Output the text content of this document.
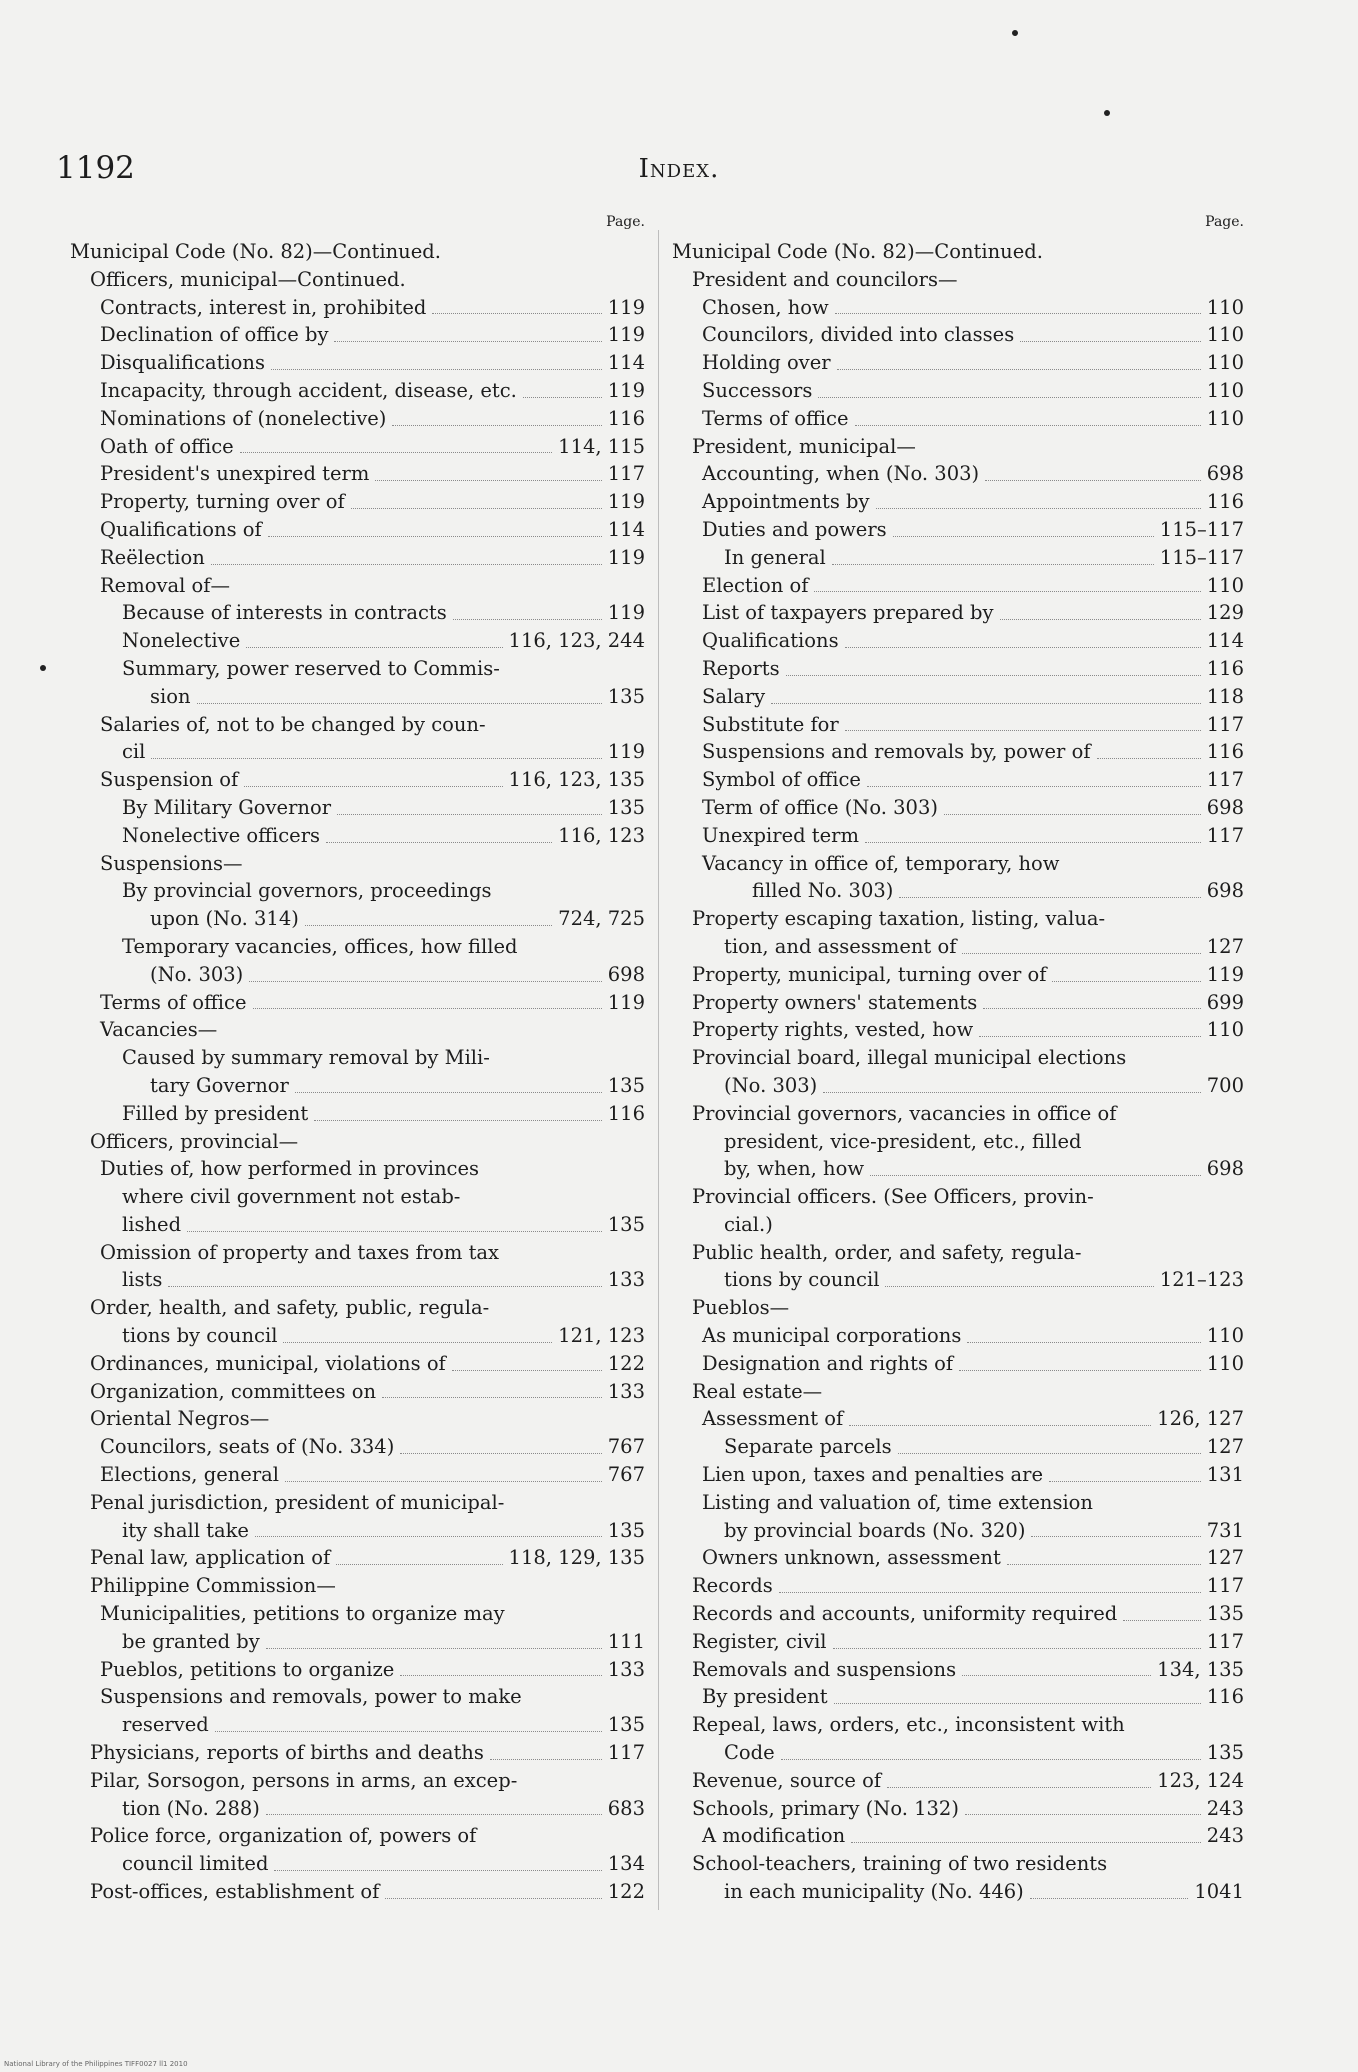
1192	Index.
Page.
Municipal Code (No. 82)—Continued.
Officers, municipal—Continued.
Contracts, interest in, prohibited	119
Declination of office by	119
Disqualifications	114
Incapacity, through accident, disease, etc.	119
Nominations of (nonelective)	116
Oath of office	114, 115
President's unexpired term	117
Property, turning over of	119
Qualifications of	114
Reëlection	119
Removal of—
Because of interests in contracts	119
Nonelective	116, 123, 244
Summary, power reserved to Commis-
sion	135
Salaries of, not to be changed by coun-
cil	119
Suspension of	116, 123, 135
By Military Governor	135
Nonelective officers	116, 123
Suspensions—
By provincial governors, proceedings
upon (No. 314)	724, 725
Temporary vacancies, offices, how filled
(No. 303)	698
Terms of office	119
Vacancies—
Caused by summary removal by Mili-
tary Governor	135
Filled by president	116
Officers, provincial—
Duties of, how performed in provinces
where civil government not estab-
lished	135
Omission of property and taxes from tax
lists	133
Order, health, and safety, public, regula-
tions by council	121, 123
Ordinances, municipal, violations of	122
Organization, committees on	133
Oriental Negros—
Councilors, seats of (No. 334)	767
Elections, general	767
Penal jurisdiction, president of municipal-
ity shall take	135
Penal law, application of	118, 129, 135
Philippine Commission—
Municipalities, petitions to organize may
be granted by	111
Pueblos, petitions to organize	133
Suspensions and removals, power to make
reserved	135
Physicians, reports of births and deaths	117
Pilar, Sorsogon, persons in arms, an excep-
tion (No. 288)	683
Police force, organization of, powers of
council limited	134
Post-offices, establishment of	122
Page.
Municipal Code (No. 82)—Continued.
President and councilors—
Chosen, how	110
Councilors, divided into classes	110
Holding over	110
Successors	110
Terms of office	110
President, municipal—
Accounting, when (No. 303)	698
Appointments by	116
Duties and powers	115–117
In general	115–117
Election of	110
List of taxpayers prepared by	129
Qualifications	114
Reports	116
Salary	118
Substitute for	117
Suspensions and removals by, power of	116
Symbol of office	117
Term of office (No. 303)	698
Unexpired term	117
Vacancy in office of, temporary, how
filled No. 303)	698
Property escaping taxation, listing, valua-
tion, and assessment of	127
Property, municipal, turning over of	119
Property owners' statements	699
Property rights, vested, how	110
Provincial board, illegal municipal elections
(No. 303)	700
Provincial governors, vacancies in office of
president, vice-president, etc., filled
by, when, how	698
Provincial officers. (See Officers, provin-
cial.)
Public health, order, and safety, regula-
tions by council	121–123
Pueblos—
As municipal corporations	110
Designation and rights of	110
Real estate—
Assessment of	126, 127
Separate parcels	127
Lien upon, taxes and penalties are	131
Listing and valuation of, time extension
by provincial boards (No. 320)	731
Owners unknown, assessment	127
Records	117
Records and accounts, uniformity required	135
Register, civil	117
Removals and suspensions	134, 135
By president	116
Repeal, laws, orders, etc., inconsistent with
Code	135
Revenue, source of	123, 124
Schools, primary (No. 132)	243
A modification	243
School-teachers, training of two residents
in each municipality (No. 446)	1041
National Library of the Philippines TIFF0027 ll1 2010
